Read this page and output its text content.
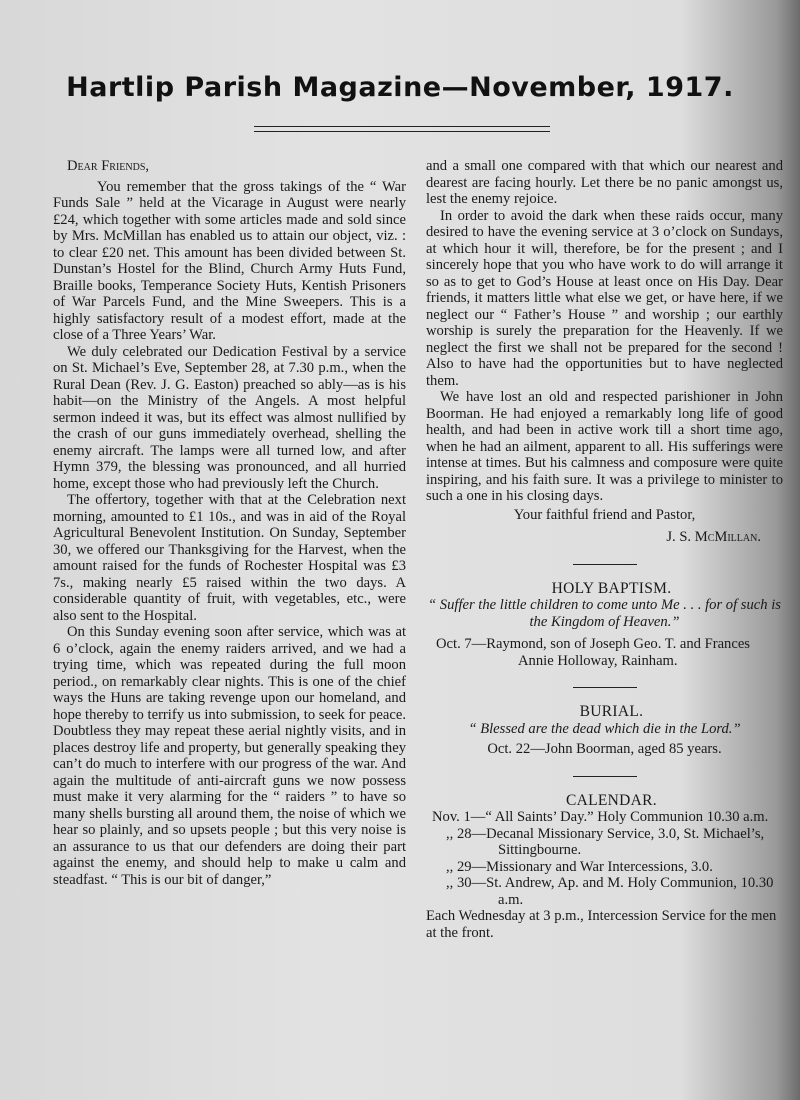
Hartlip Parish Magazine—November, 1917.

Dear Friends,

You remember that the gross takings of the “ War Funds Sale ” held at the Vicarage in August were nearly £24, which together with some articles made and sold since by Mrs. McMillan has enabled us to attain our object, viz. : to clear £20 net. This amount has been divided between St. Dunstan’s Hostel for the Blind, Church Army Huts Fund, Braille books, Temperance Society Huts, Kentish Prisoners of War Parcels Fund, and the Mine Sweepers. This is a highly satisfactory result of a modest effort, made at the close of a Three Years’ War.

We duly celebrated our Dedication Festival by a service on St. Michael’s Eve, September 28, at 7.30 p.m., when the Rural Dean (Rev. J. G. Easton) preached so ably—as is his habit—on the Ministry of the Angels. A most helpful sermon indeed it was, but its effect was almost nullified by the crash of our guns immediately overhead, shelling the enemy aircraft. The lamps were all turned low, and after Hymn 379, the blessing was pronounced, and all hurried home, except those who had previously left the Church.

The offertory, together with that at the Celebration next morning, amounted to £1 10s., and was in aid of the Royal Agricultural Benevolent Institution. On Sunday, September 30, we offered our Thanksgiving for the Harvest, when the amount raised for the funds of Rochester Hospital was £3 7s., making nearly £5 raised within the two days. A considerable quantity of fruit, with vegetables, etc., were also sent to the Hospital.

On this Sunday evening soon after service, which was at 6 o’clock, again the enemy raiders arrived, and we had a trying time, which was repeated during the full moon period., on remarkably clear nights. This is one of the chief ways the Huns are taking revenge upon our homeland, and hope thereby to terrify us into submission, to seek for peace. Doubtless they may repeat these aerial nightly visits, and in places destroy life and property, but generally speaking they can’t do much to interfere with our progress of the war. And again the multitude of anti-aircraft guns we now possess must make it very alarming for the “ raiders ” to have so many shells bursting all around them, the noise of which we hear so plainly, and so upsets people ; but this very noise is an assurance to us that our defenders are doing their part against the enemy, and should help to make u calm and steadfast. “ This is our bit of danger,”

and a small one compared with that which our nearest and dearest are facing hourly. Let there be no panic amongst us, lest the enemy rejoice.

In order to avoid the dark when these raids occur, many desired to have the evening service at 3 o’clock on Sundays, at which hour it will, therefore, be for the present ; and I sincerely hope that you who have work to do will arrange it so as to get to God’s House at least once on His Day. Dear friends, it matters little what else we get, or have here, if we neglect our “ Father’s House ” and worship ; our earthly worship is surely the preparation for the Heavenly. If we neglect the first we shall not be prepared for the second ! Also to have had the opportunities but to have neglected them.

We have lost an old and respected parishioner in John Boorman. He had enjoyed a remarkably long life of good health, and had been in active work till a short time ago, when he had an ailment, apparent to all. His sufferings were intense at times. But his calmness and composure were quite inspiring, and his faith sure. It was a privilege to minister to such a one in his closing days.

Your faithful friend and Pastor,

J. S. McMillan.

HOLY BAPTISM.

“ Suffer the little children to come unto Me . . . for of such is the Kingdom of Heaven.”

Oct. 7—Raymond, son of Joseph Geo. T. and Frances Annie Holloway, Rainham.

BURIAL.

“ Blessed are the dead which die in the Lord.”

Oct. 22—John Boorman, aged 85 years.

CALENDAR.

Nov. 1—“ All Saints’ Day.” Holy Communion 10.30 a.m.

,, 28—Decanal Missionary Service, 3.0, St. Michael’s, Sittingbourne.

,, 29—Missionary and War Intercessions, 3.0.

,, 30—St. Andrew, Ap. and M. Holy Communion, 10.30 a.m.

Each Wednesday at 3 p.m., Intercession Service for the men at the front.
